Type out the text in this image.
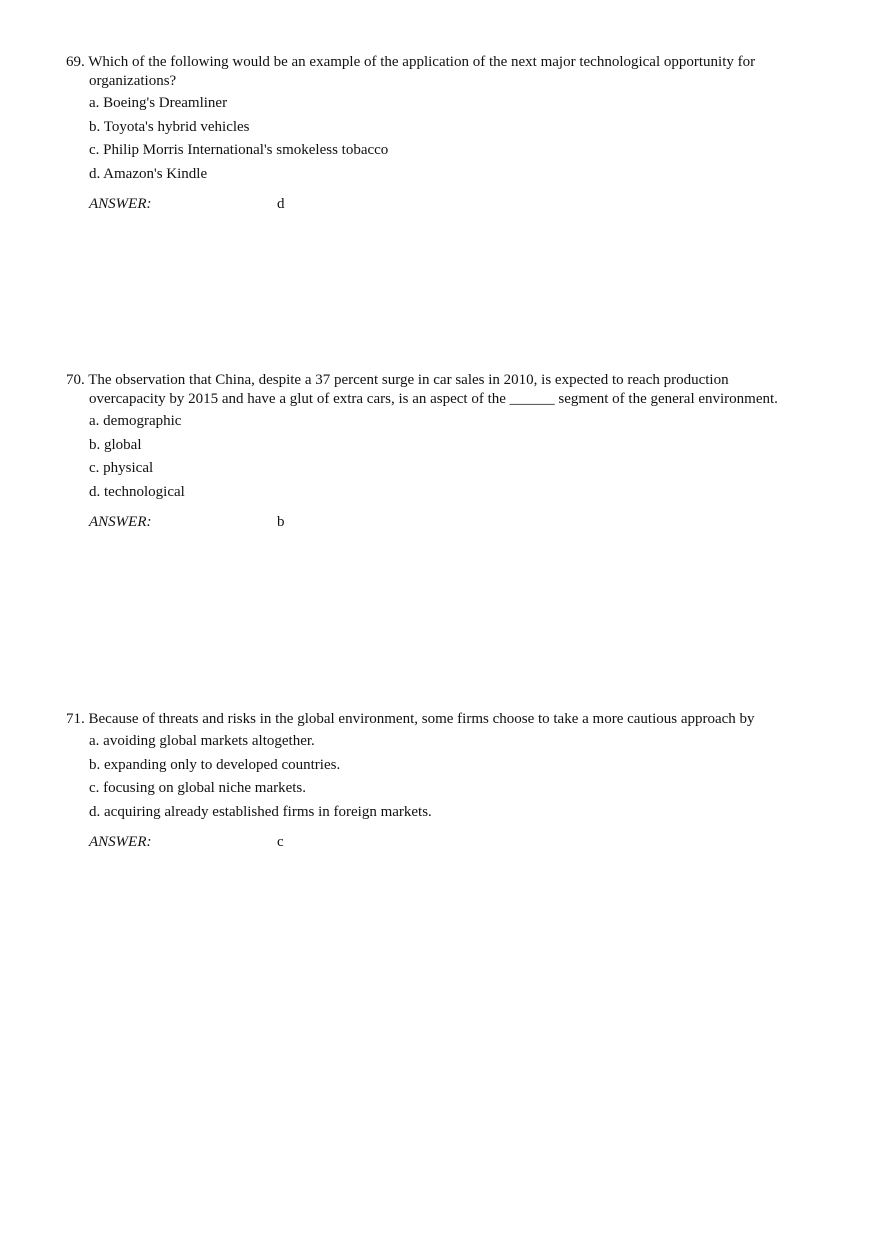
69. Which of the following would be an example of the application of the next major technological opportunity for organizations?

a. Boeing's Dreamliner
b. Toyota's hybrid vehicles
c. Philip Morris International's smokeless tobacco
d. Amazon's Kindle
ANSWER:	d

70. The observation that China, despite a 37 percent surge in car sales in 2010, is expected to reach production overcapacity by 2015 and have a glut of extra cars, is an aspect of the ______ segment of the general environment.

a. demographic
b. global
c. physical
d. technological
ANSWER:	b

71. Because of threats and risks in the global environment, some firms choose to take a more cautious approach by

a. avoiding global markets altogether.
b. expanding only to developed countries.
c. focusing on global niche markets.
d. acquiring already established firms in foreign markets.
ANSWER:	c
